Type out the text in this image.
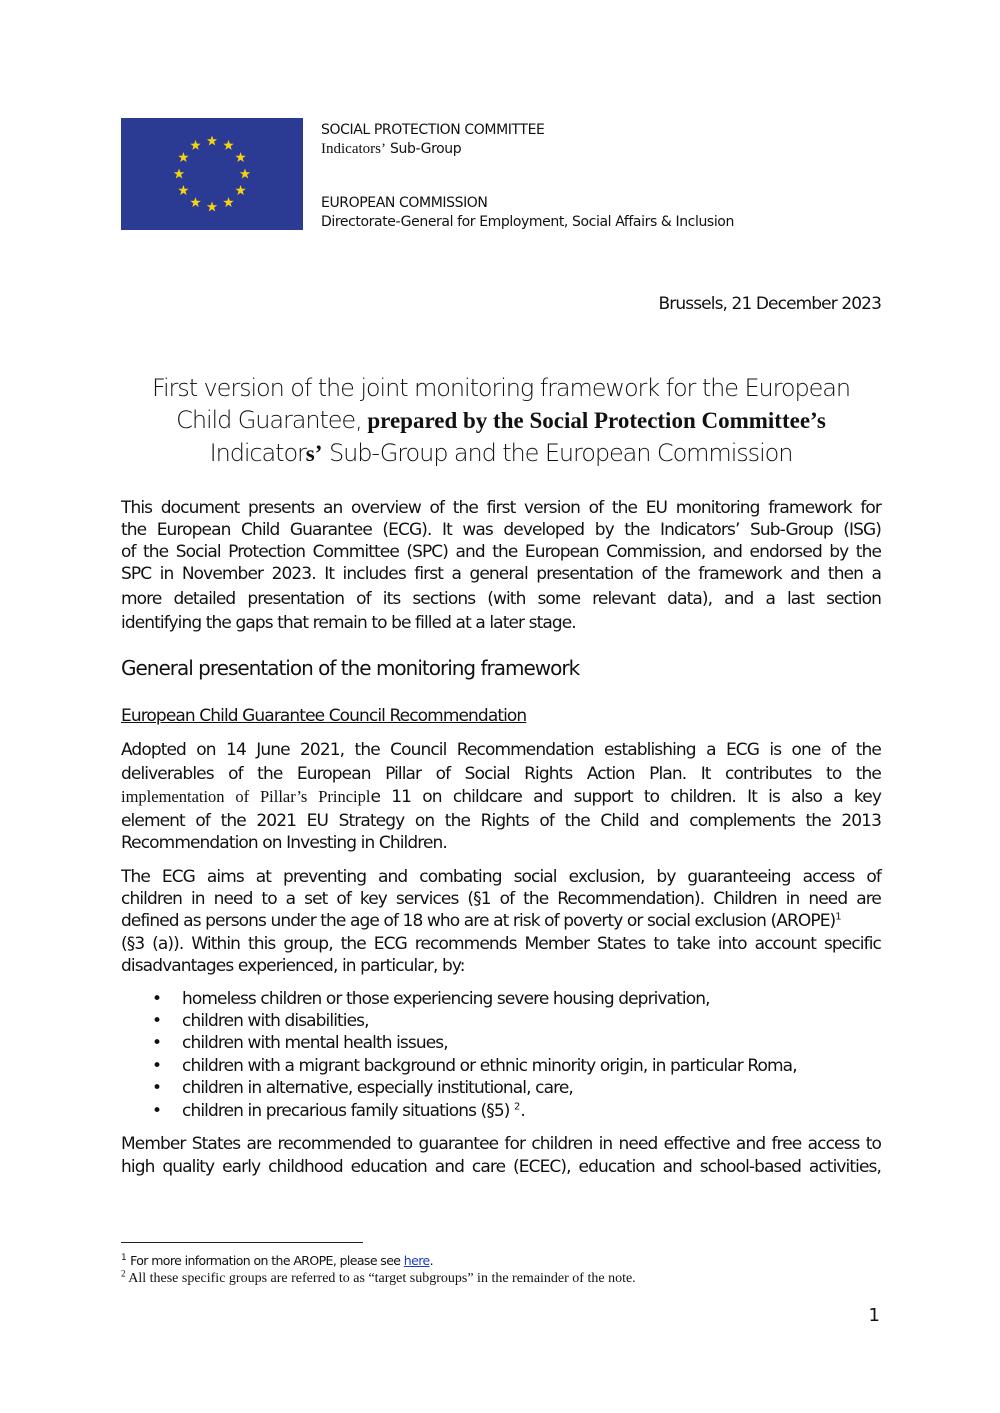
SOCIAL PROTECTION COMMITTEE
Indicators’ Sub-Group
EUROPEAN COMMISSION
Directorate-General for Employment, Social Affairs & Inclusion
Brussels, 21 December 2023
First version of the joint monitoring framework for the European
Child Guarantee, prepared by the Social Protection Committee’s
Indicators’ Sub-Group and the European Commission
This document presents an overview of the first version of the EU monitoring framework for
the European Child Guarantee (ECG). It was developed by the Indicators’ Sub-Group (ISG)
of the Social Protection Committee (SPC) and the European Commission, and endorsed by the
SPC in November 2023. It includes first a general presentation of the framework and then a
more detailed presentation of its sections (with some relevant data), and a last section
identifying the gaps that remain to be filled at a later stage.
General presentation of the monitoring framework
European Child Guarantee Council Recommendation
Adopted on 14 June 2021, the Council Recommendation establishing a ECG is one of the
deliverables of the European Pillar of Social Rights Action Plan. It contributes to the
implementation of Pillar’s Principle 11 on childcare and support to children. It is also a key
element of the 2021 EU Strategy on the Rights of the Child and complements the 2013
Recommendation on Investing in Children.
The ECG aims at preventing and combating social exclusion, by guaranteeing access of
children in need to a set of key services (§1 of the Recommendation). Children in need are
defined as persons under the age of 18 who are at risk of poverty or social exclusion (AROPE)$^1$
(§3 (a)). Within this group, the ECG recommends Member States to take into account specific
disadvantages experienced, in particular, by:
• homeless children or those experiencing severe housing deprivation,
• children with disabilities,
• children with mental health issues,
• children with a migrant background or ethnic minority origin, in particular Roma,
• children in alternative, especially institutional, care,
• children in precarious family situations (§5) $^2$.
Member States are recommended to guarantee for children in need effective and free access to
high quality early childhood education and care (ECEC), education and school-based activities,
$^1$ For more information on the AROPE, please see here.
$^2$ All these specific groups are referred to as “target subgroups” in the remainder of the note.
1
